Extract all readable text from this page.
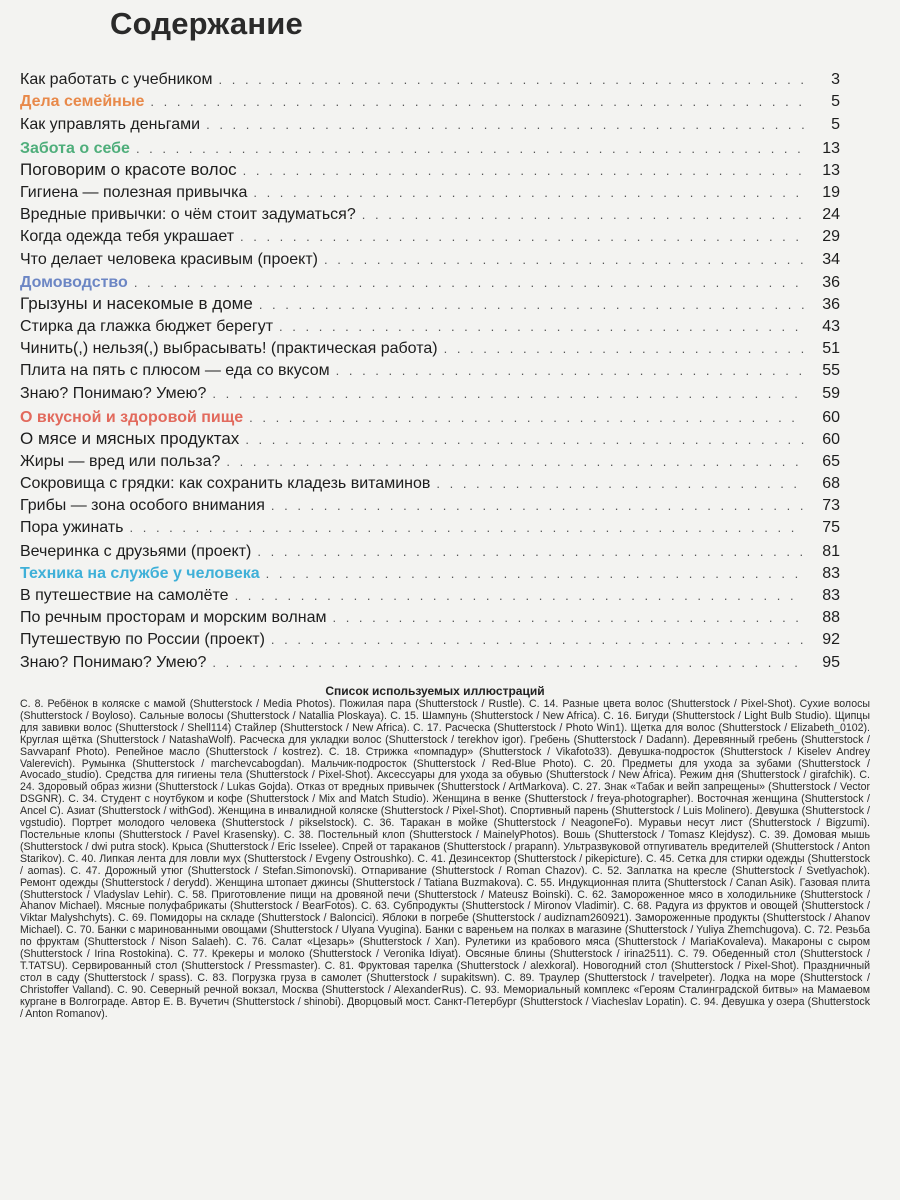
Содержание
Как работать с учебником . . .	3
Дела семейные . . .	5
Как управлять деньгами . . .	5
Забота о себе . . .	13
Поговорим о красоте волос . . .	13
Гигиена — полезная привычка . . .	19
Вредные привычки: о чём стоит задуматься? . . .	24
Когда одежда тебя украшает . . .	29
Что делает человека красивым (проект) . . .	34
Домоводство . . .	36
Грызуны и насекомые в доме . . .	36
Стирка да глажка бюджет берегут . . .	43
Чинить(,) нельзя(,) выбрасывать! (практическая работа) . . .	51
Плита на пять с плюсом — еда со вкусом . . .	55
Знаю? Понимаю? Умею? . . .	59
О вкусной и здоровой пище . . .	60
О мясе и мясных продуктах . . .	60
Жиры — вред или польза? . . .	65
Сокровища с грядки: как сохранить кладезь витаминов . . .	68
Грибы — зона особого внимания . . .	73
Пора ужинать . . .	75
Вечеринка с друзьями (проект) . . .	81
Техника на службе у человека . . .	83
В путешествие на самолёте . . .	83
По речным просторам и морским волнам . . .	88
Путешествую по России (проект) . . .	92
Знаю? Понимаю? Умею? . . .	95
Список используемых иллюстраций
С. 8. Ребёнок в коляске с мамой (Shutterstock / Media Photos). Пожилая пара (Shutterstock / Rustle). С. 14. Разные цвета волос (Shutterstock / Pixel-Shot). Сухие волосы (Shutterstock / Boyloso). Сальные волосы (Shutterstock / Natallia Ploskaya). С. 15. Шампунь (Shutterstock / New Africa). С. 16. Бигуди (Shutterstock / Light Bulb Studio). Щипцы для завивки волос (Shutterstock / Shell114) Стайлер (Shutterstock / New Africa). С. 17. Расческа (Shutterstock / Photo Win1). Щетка для волос (Shutterstock / Elizabeth_0102). Круглая щётка (Shutterstock / NatashaWolf). Расческа для укладки волос (Shutterstock / terekhov igor). Гребень (Shutterstock / Dadann). Деревянный гребень (Shutterstock / Savvapanf Photo). Репейное масло (Shutterstock / kostrez). С. 18. Стрижка «помпадур» (Shutterstock / Vikafoto33). Девушка-подросток (Shutterstock / Kiselev Andrey Valerevich). Румынка (Shutterstock / marchevcabogdan). Мальчик-подросток (Shutterstock / Red-Blue Photo). С. 20. Предметы для ухода за зубами (Shutterstock / Avocado_studio). Средства для гигиены тела (Shutterstock / Pixel-Shot). Аксессуары для ухода за обувью (Shutterstock / New Africa). Режим дня (Shutterstock / girafchik). С. 24. Здоровый образ жизни (Shutterstock / Lukas Gojda). Отказ от вредных привычек (Shutterstock / ArtMarkova). С. 27. Знак «Табак и вейп запрещены» (Shutterstock / Vector DSGNR). С. 34. Студент с ноутбуком и кофе (Shutterstock / Mix and Match Studio). Женщина в венке (Shutterstock / freya-photographer). Восточная женщина (Shutterstock / Ancel C). Азиат (Shutterstock / withGod). Женщина в инвалидной коляске (Shutterstock / Pixel-Shot). Спортивный парень (Shutterstock / Luis Molinero). Девушка (Shutterstock / vgstudio). Портрет молодого человека (Shutterstock / pikselstock). С. 36. Таракан в мойке (Shutterstock / NeagoneFo). Муравьи несут лист (Shutterstock / Bigzumi). Постельные клопы (Shutterstock / Pavel Krasensky). С. 38. Постельный клоп (Shutterstock / MainelyPhotos). Вошь (Shutterstock / Tomasz Klejdysz). С. 39. Домовая мышь (Shutterstock / dwi putra stock). Крыса (Shutterstock / Eric Isselee). Спрей от тараканов (Shutterstock / prapann). Ультразвуковой отпугиватель вредителей (Shutterstock / Anton Starikov). С. 40. Липкая лента для ловли мух (Shutterstock / Evgeny Ostroushko). С. 41. Дезинсектор (Shutterstock / pikepicture). С. 45. Сетка для стирки одежды (Shutterstock / aomas). С. 47. Дорожный утюг (Shutterstock / Stefan.Simonovski). Отпаривание (Shutterstock / Roman Chazov). С. 52. Заплатка на кресле (Shutterstock / Svetlyachok). Ремонт одежды (Shutterstock / derydd). Женщина штопает джинсы (Shutterstock / Tatiana Buzmakova). С. 55. Индукционная плита (Shutterstock / Canan Asik). Газовая плита (Shutterstock / Vladyslav Lehir). С. 58. Приготовление пищи на дровяной печи (Shutterstock / Mateusz Boinski). С. 62. Замороженное мясо в холодильнике (Shutterstock / Ahanov Michael). Мясные полуфабрикаты (Shutterstock / BearFotos). С. 63. Субпродукты (Shutterstock / Mironov Vladimir). С. 68. Радуга из фруктов и овощей (Shutterstock / Viktar Malyshchyts). С. 69. Помидоры на складе (Shutterstock / Baloncici). Яблоки в погребе (Shutterstock / audiznam260921). Замороженные продукты (Shutterstock / Ahanov Michael). С. 70. Банки с маринованными овощами (Shutterstock / Ulyana Vyugina). Банки с вареньем на полках в магазине (Shutterstock / Yuliya Zhemchugova). С. 72. Резьба по фруктам (Shutterstock / Nison Salaeh). С. 76. Салат «Цезарь» (Shutterstock / Xan). Рулетики из крабового мяса (Shutterstock / MariaKovaleva). Макароны с сыром (Shutterstock / Irina Rostokina). С. 77. Крекеры и молоко (Shutterstock / Veronika Idiyat). Овсяные блины (Shutterstock / irina2511). С. 79. Обеденный стол (Shutterstock / T.TATSU). Сервированный стол (Shutterstock / Pressmaster). С. 81. Фруктовая тарелка (Shutterstock / alexkoral). Новогодний стол (Shutterstock / Pixel-Shot). Праздничный стол в саду (Shutterstock / spass). С. 83. Погрузка груза в самолет (Shutterstock / supakitswn). С. 89. Траулер (Shutterstock / travelpeter). Лодка на море (Shutterstock / Christoffer Valland). С. 90. Северный речной вокзал, Москва (Shutterstock / AlexanderRus). С. 93. Мемориальный комплекс «Героям Сталинградской битвы» на Мамаевом кургане в Волгограде. Автор Е. В. Вучетич (Shutterstock / shinobi). Дворцовый мост. Санкт-Петербург (Shutterstock / Viacheslav Lopatin). С. 94. Девушка у озера (Shutterstock / Anton Romanov).
